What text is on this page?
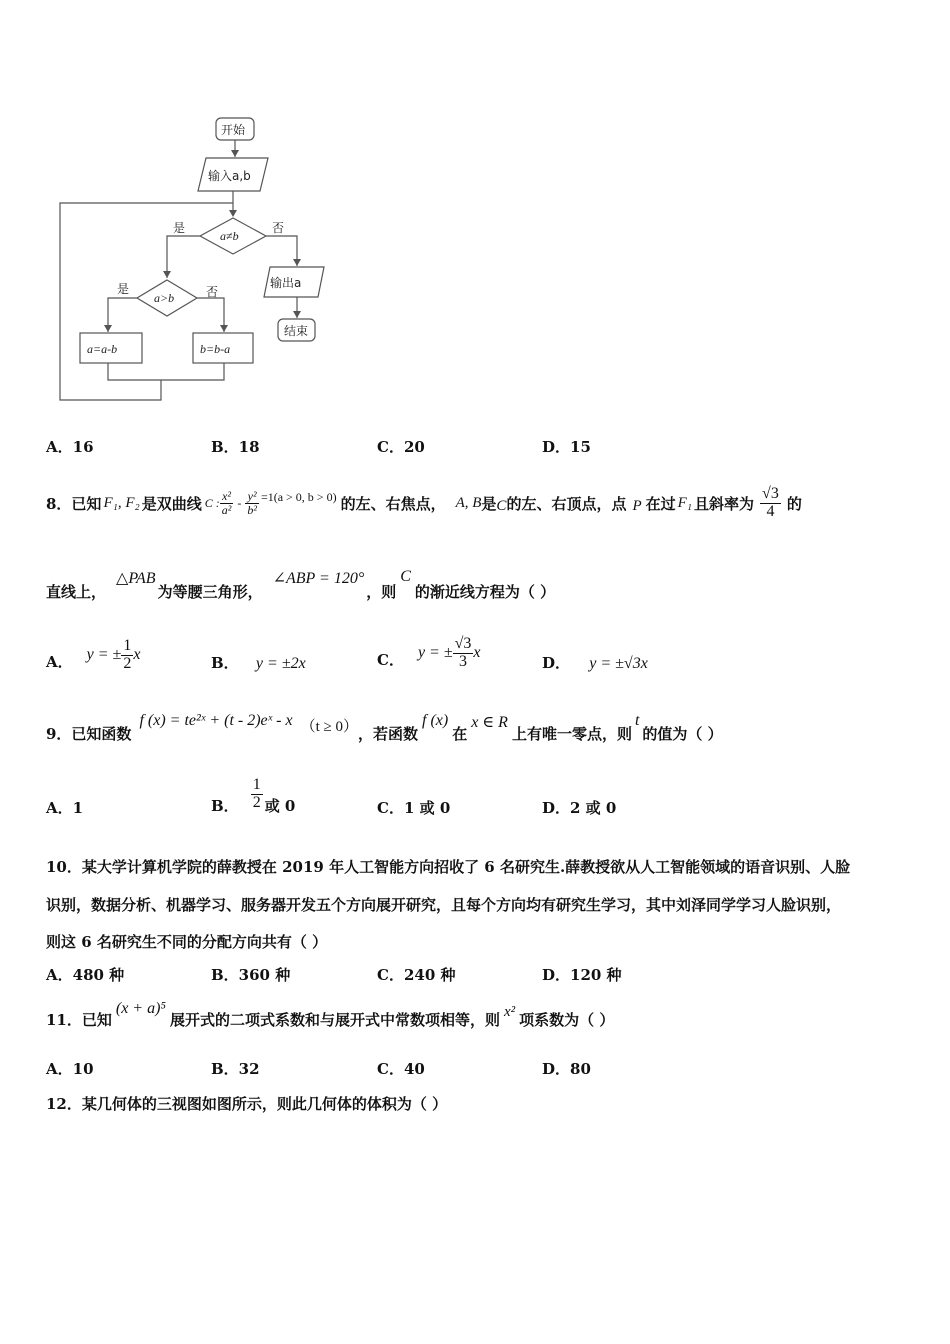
开始
输入a,b
a≠b
是	否
输出a
结束
a>b
是	否
a=a-b	b=b-a
A．16	B．18	C．20	D．15
8．已知 F₁, F₂ 是双曲线 C : $\frac{\text{x²}}{\text{a²}} - \frac{\text{y²}}{\text{b²}} =1(a > 0$, b > 0) 的左、右焦点， A, B 是 C 的左、右顶点，点 P 在过 F₁ 且斜率为 $\frac{√3}{4}$ 的
直线上，
△PAB
为等腰三角形，
∠ABP = 120°
，则
C
的渐近线方程为（ ）
A． y = ± $\frac{1}{2}$ x	B． y = ±2x	C． y = ± $\frac{√3}{3}$ x
D． y = ±√3x
9．已知函数
f (x) = te²ˣ + (t - 2)eˣ - x （t ≥ 0） ，若函数
f (x)
在
x ∈ R
上有唯一零点，则
t
的值为（ ）
A．1	B． $\frac{1}{2}$ 或 0	C．1 或 0	D．2 或 0
10．某大学计算机学院的薛教授在 2019 年人工智能方向招收了 6 名研究生.薛教授欲从人工智能领域的语音识别、人脸
识别，数据分析、机器学习、服务器开发五个方向展开研究，且每个方向均有研究生学习，其中刘泽同学学习人脸识别，
则这 6 名研究生不同的分配方向共有（ ）
A．480 种	B．360 种	C．240 种	D．120 种
11．已知
(x + a)⁵
展开式的二项式系数和与展开式中常数项相等，则 x² 项系数为（ ）
A．10	B．32	C．40	D．80
12．某几何体的三视图如图所示，则此几何体的体积为（ ）
